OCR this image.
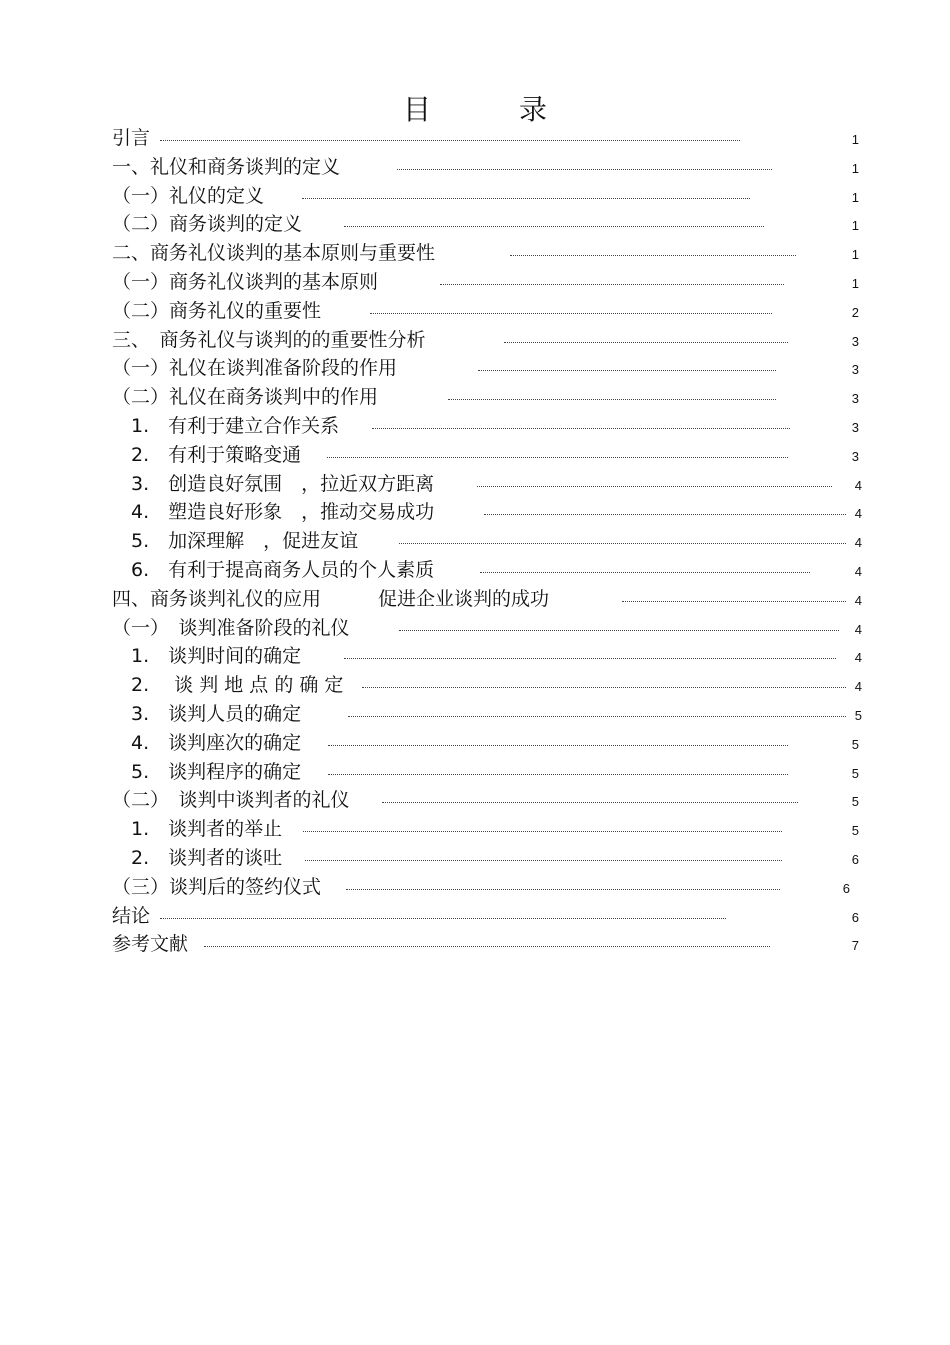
目　录
引言	1
一、礼仪和商务谈判的定义	1
（一）礼仪的定义	1
（二）商务谈判的定义	1
二、商务礼仪谈判的基本原则与重要性	1
（一）商务礼仪谈判的基本原则	1
（二）商务礼仪的重要性	2
三、　商务礼仪与谈判的的重要性分析	3
（一）礼仪在谈判准备阶段的作用	3
（二）礼仪在商务谈判中的作用	3
　1.　有利于建立合作关系	3
　2.　有利于策略变通	3
　3.　创造良好氛围　，拉近双方距离	4
　4.　塑造良好形象　，推动交易成功	4
　5.　加深理解　，促进友谊	4
　6.　有利于提高商务人员的个人素质	4
四、商务谈判礼仪的应用　　　促进企业谈判的成功	4
（一）　谈判准备阶段的礼仪	4
　1.　谈判时间的确定	4
　2.　 谈 判 地 点 的 确 定	4
　3.　谈判人员的确定	5
　4.　谈判座次的确定	5
　5.　谈判程序的确定	5
（二）　谈判中谈判者的礼仪	5
　1.　谈判者的举止	5
　2.　谈判者的谈吐	6
（三）谈判后的签约仪式	6
结论	6
参考文献	7
